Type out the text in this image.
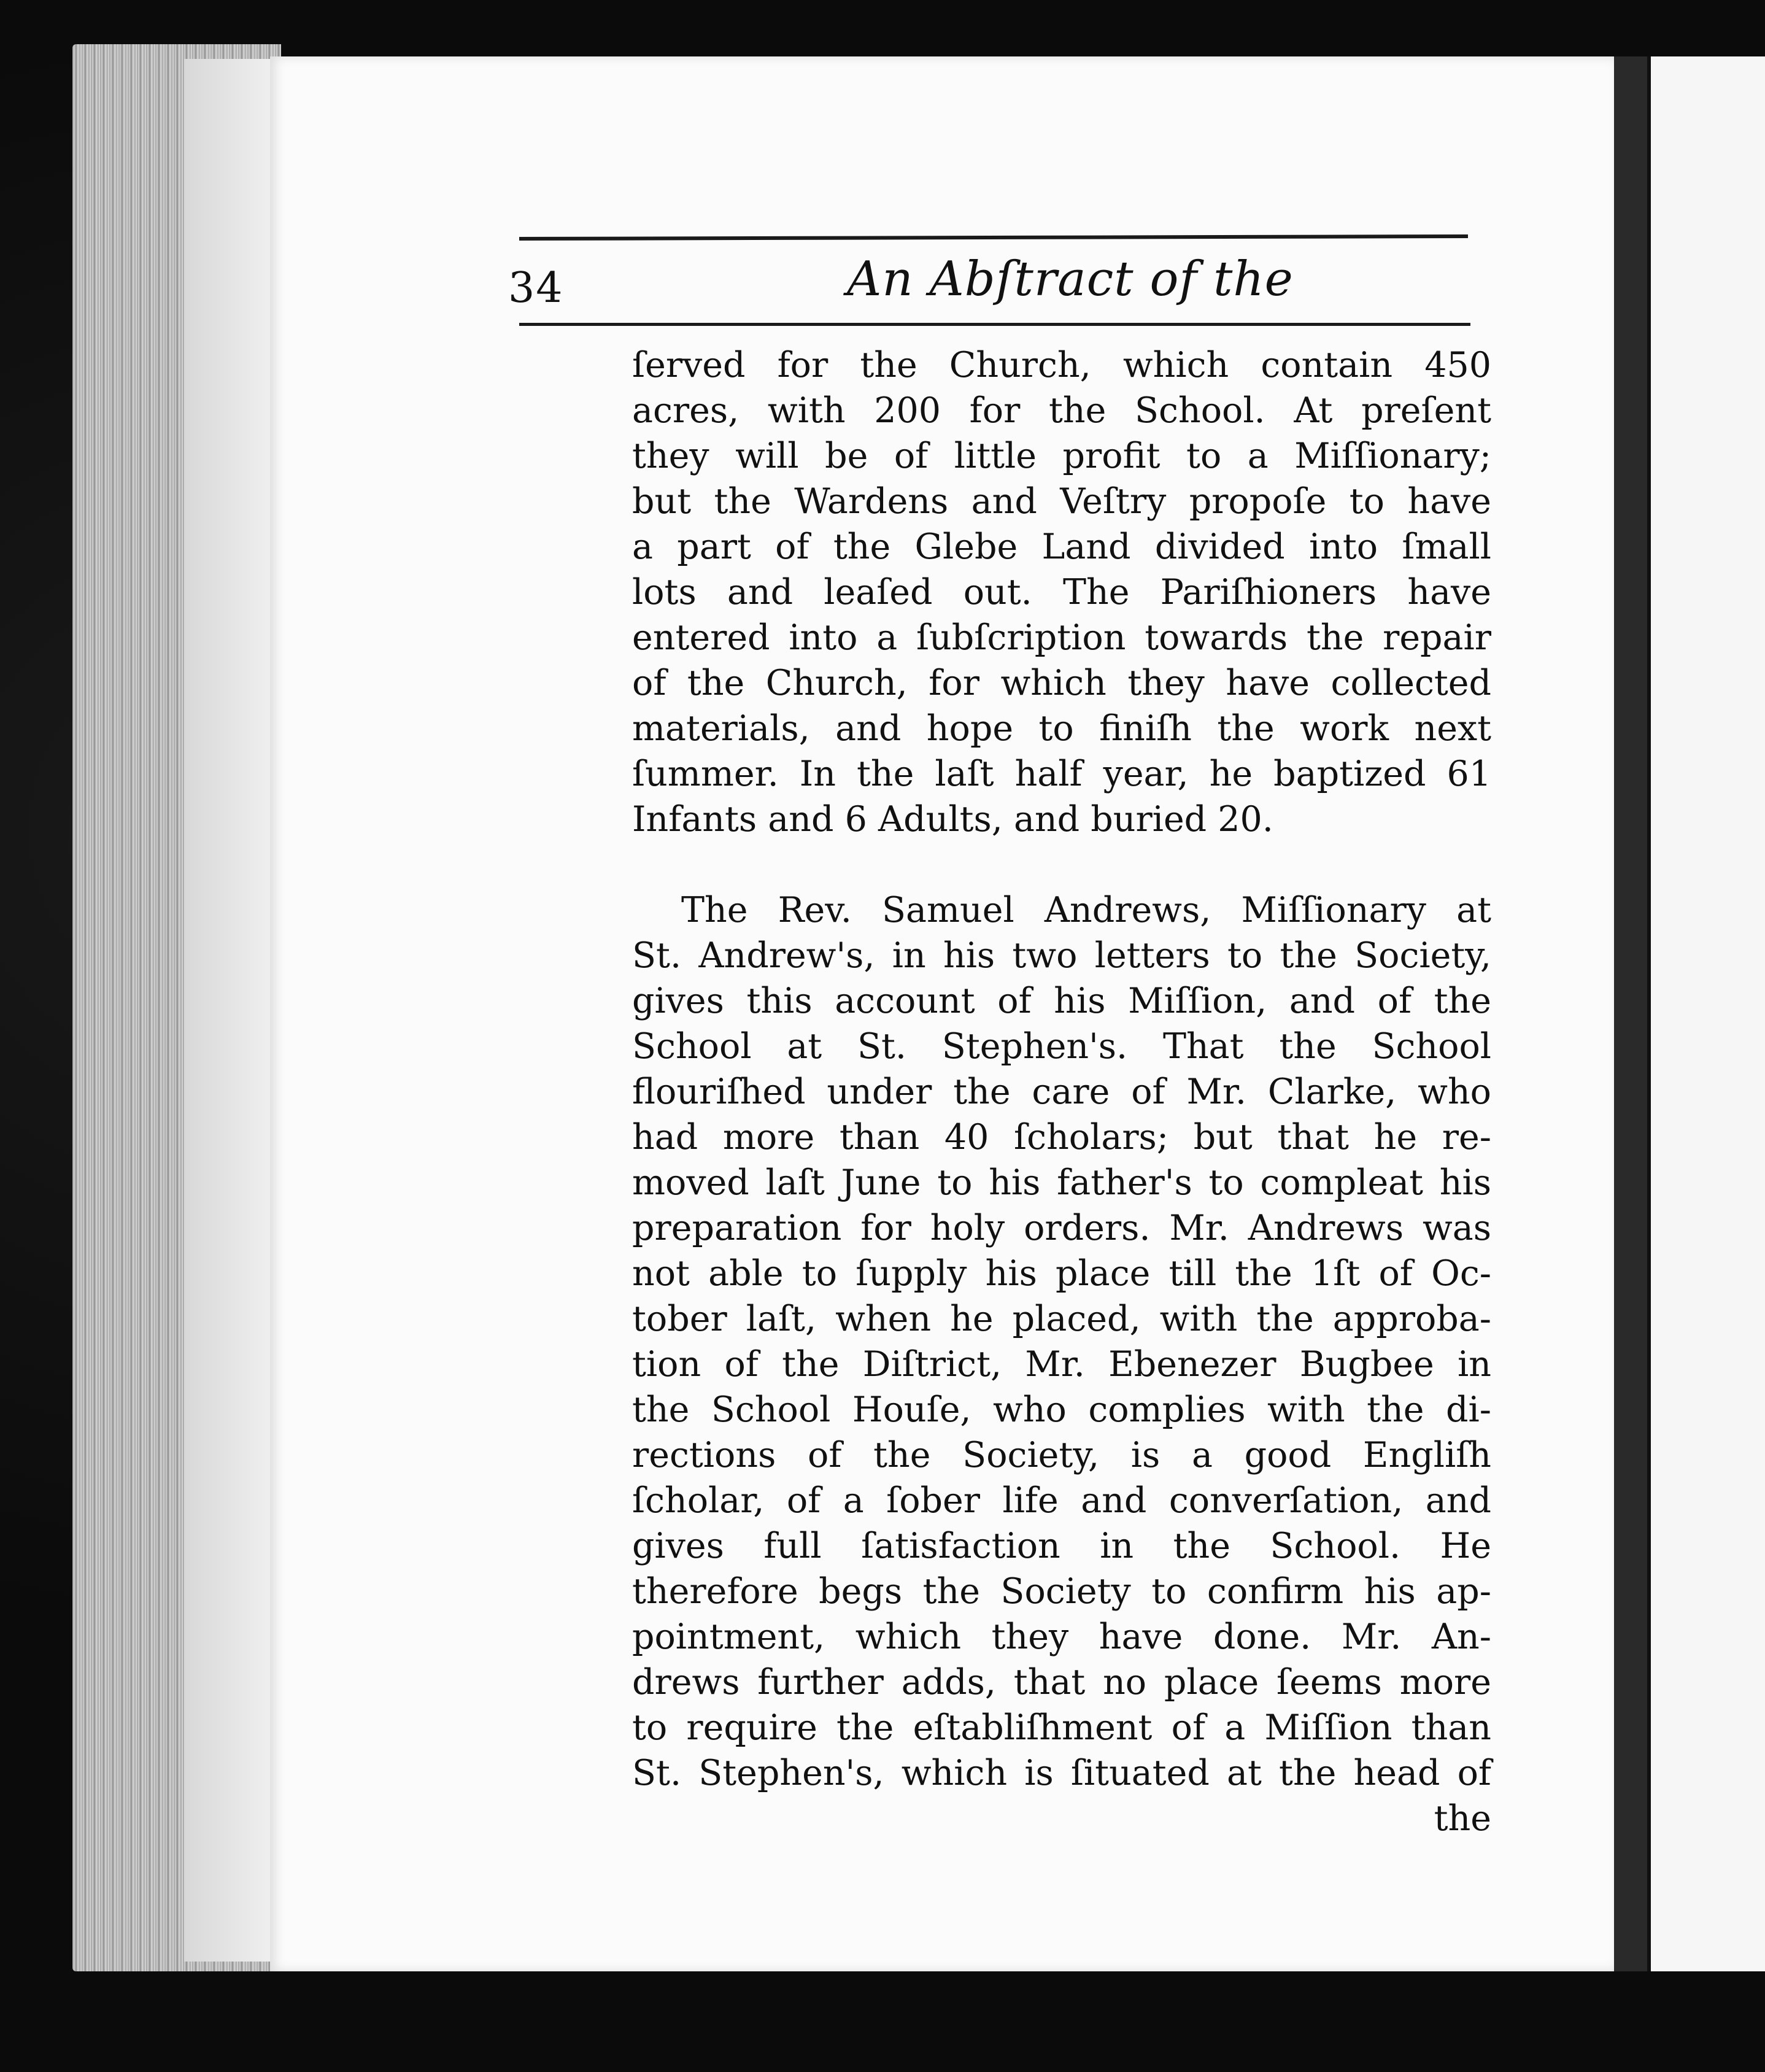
34	An Abſtract of the
ſerved for the Church, which contain 450
acres, with 200 for the School. At preſent
they will be of little profit to a Miſſionary;
but the Wardens and Veſtry propoſe to have
a part of the Glebe Land divided into ſmall
lots and leaſed out. The Pariſhioners have
entered into a ſubſcription towards the repair
of the Church, for which they have collected
materials, and hope to finiſh the work next
ſummer. In the laſt half year, he baptized 61
Infants and 6 Adults, and buried 20.
The Rev. Samuel Andrews, Miſſionary at
St. Andrew's, in his two letters to the Society,
gives this account of his Miſſion, and of the
School at St. Stephen's. That the School
flouriſhed under the care of Mr. Clarke, who
had more than 40 ſcholars; but that he re-
moved laſt June to his father's to compleat his
preparation for holy orders. Mr. Andrews was
not able to ſupply his place till the 1ſt of Oc-
tober laſt, when he placed, with the approba-
tion of the Diſtrict, Mr. Ebenezer Bugbee in
the School Houſe, who complies with the di-
rections of the Society, is a good Engliſh
ſcholar, of a ſober life and converſation, and
gives full ſatisfaction in the School. He
therefore begs the Society to confirm his ap-
pointment, which they have done. Mr. An-
drews further adds, that no place ſeems more
to require the eſtabliſhment of a Miſſion than
St. Stephen's, which is ſituated at the head of
the
